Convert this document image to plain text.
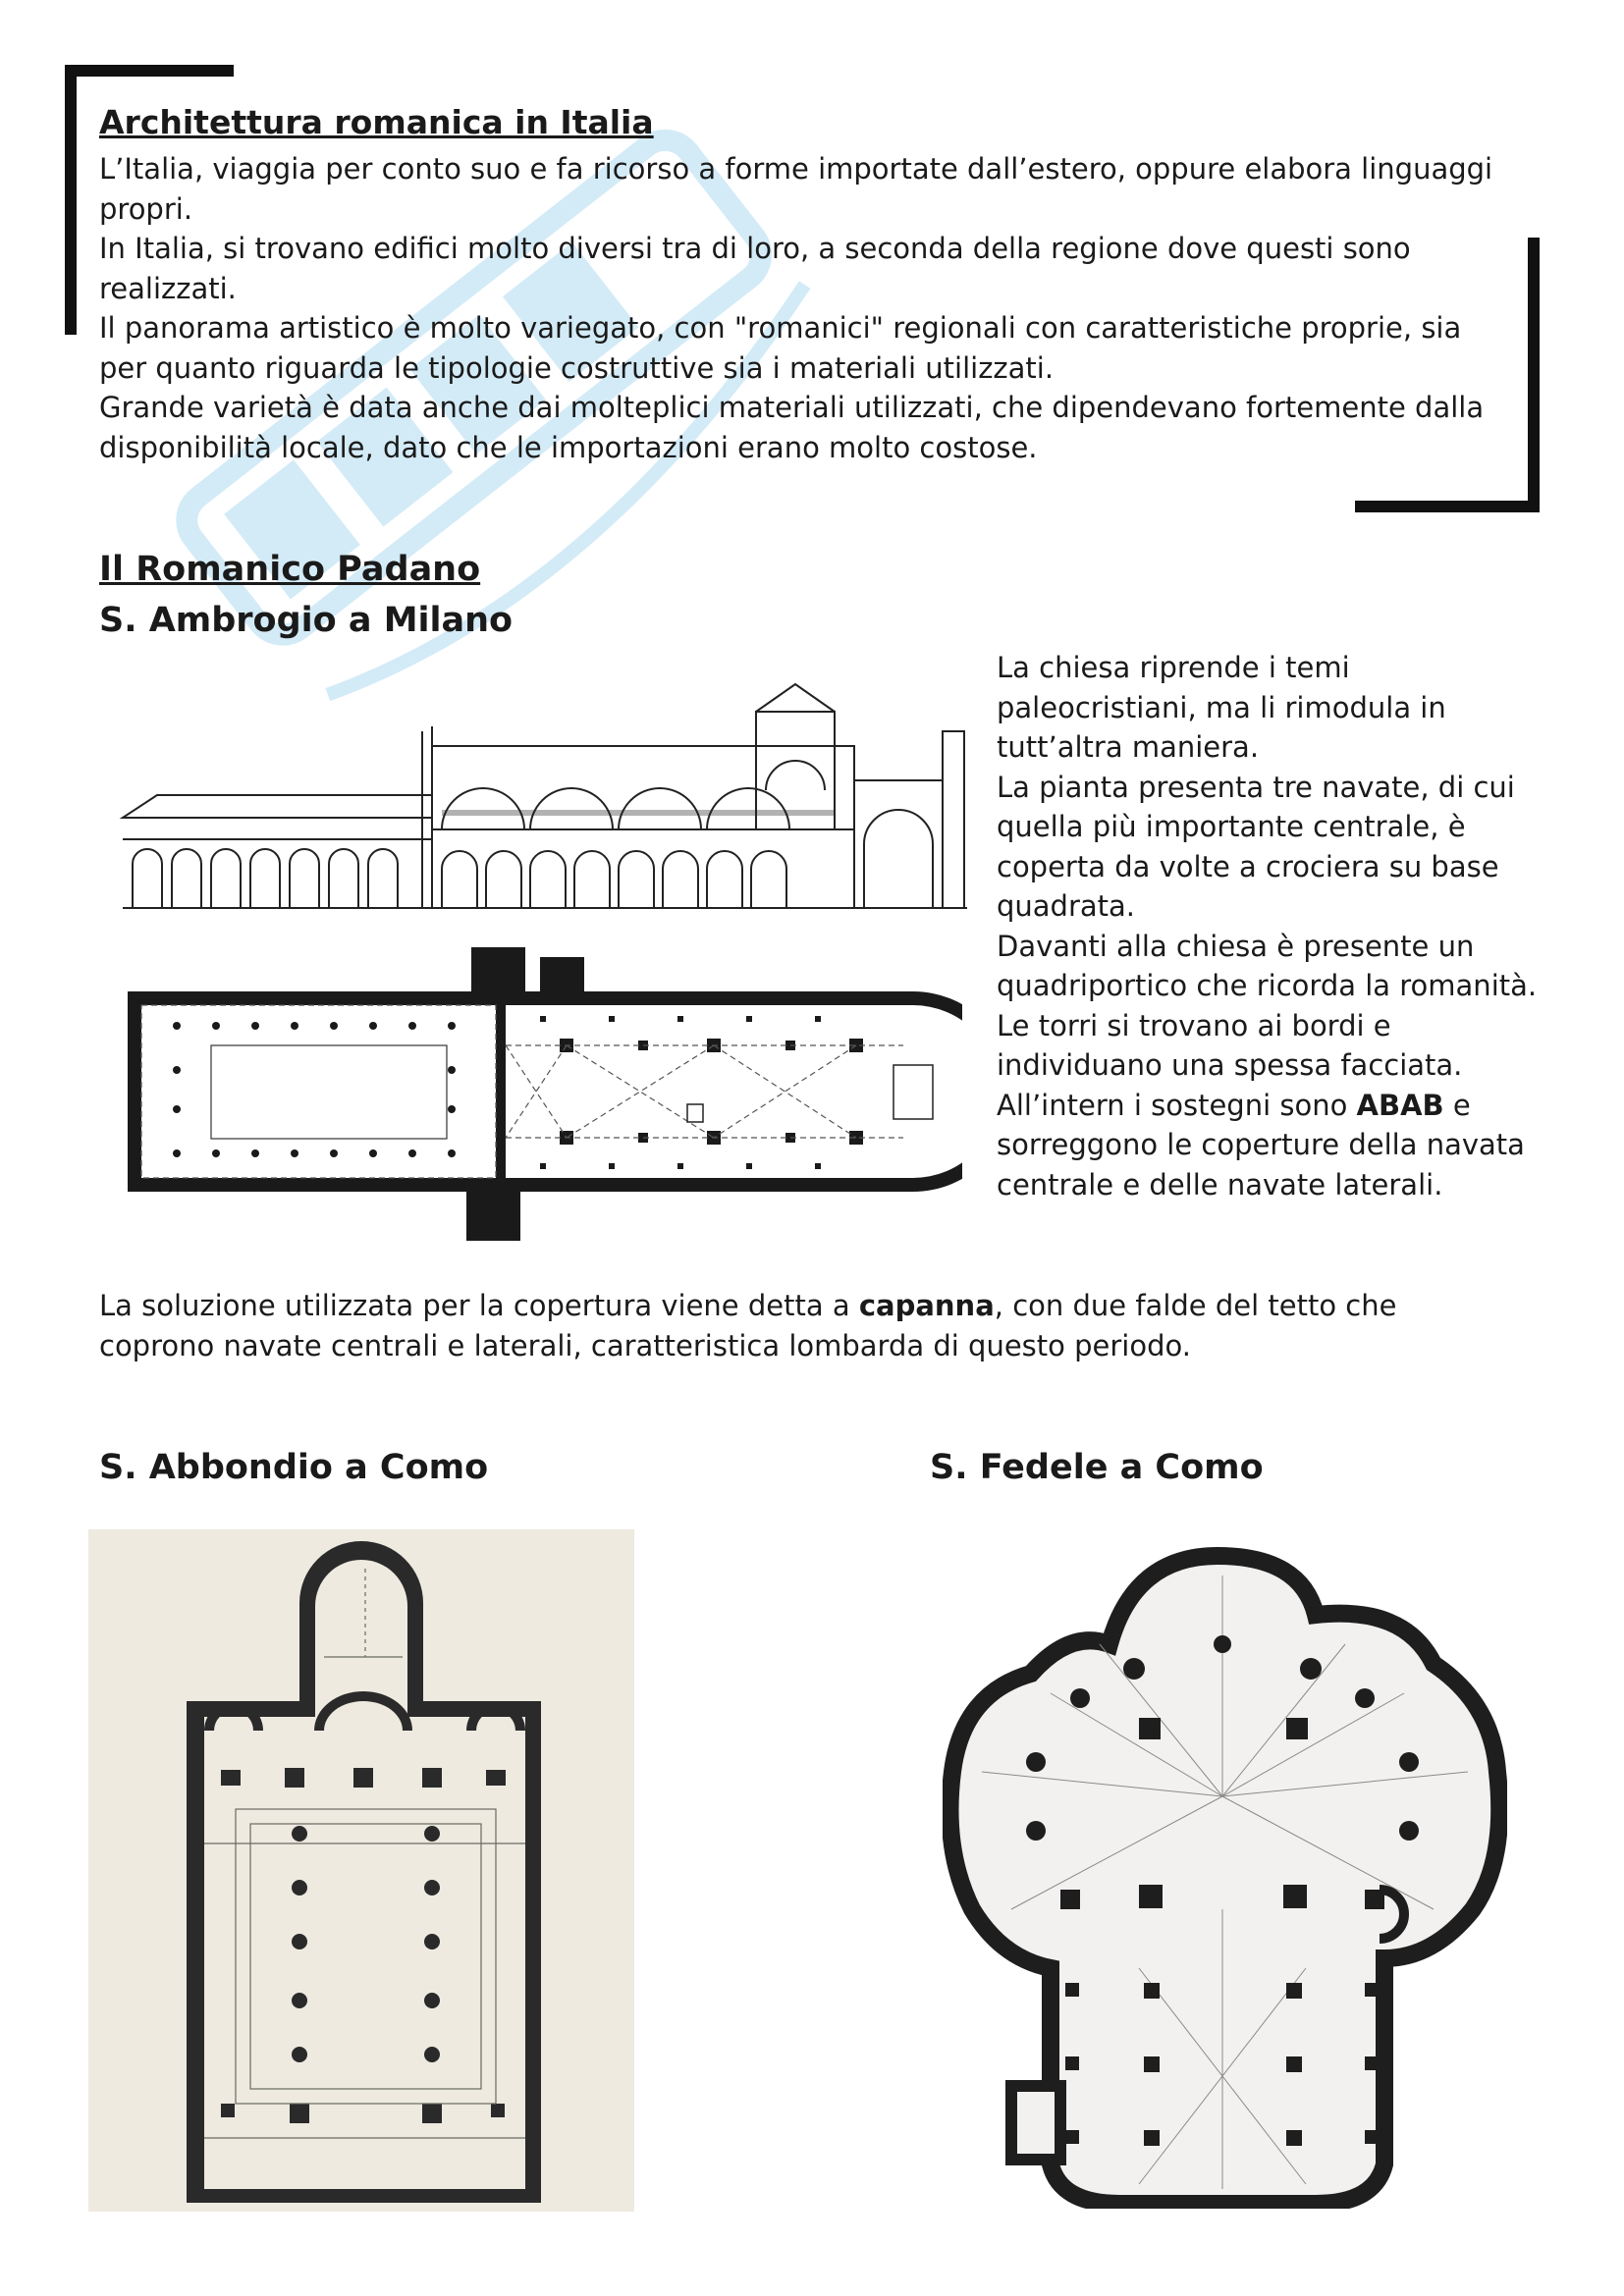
Architettura romanica in Italia

L’Italia, viaggia per conto suo e fa ricorso a forme importate dall’estero, oppure elabora linguaggi propri.

In Italia, si trovano edifici molto diversi tra di loro, a seconda della regione dove questi sono realizzati.

Il panorama artistico è molto variegato, con "romanici" regionali con caratteristiche proprie, sia per quanto riguarda le tipologie costruttive sia i materiali utilizzati.

Grande varietà è data anche dai molteplici materiali utilizzati, che dipendevano fortemente dalla disponibilità locale, dato che le importazioni erano molto costose.

Il Romanico Padano
S. Ambrogio a Milano

La chiesa riprende i temi paleocristiani, ma li rimodula in tutt’altra maniera.

La pianta presenta tre navate, di cui quella più importante centrale, è coperta da volte a crociera su base quadrata.

Davanti alla chiesa è presente un quadriportico che ricorda la romanità.

Le torri si trovano ai bordi e individuano una spessa facciata.

All’intern i sostegni sono ABAB e sorreggono le coperture della navata centrale e delle navate laterali.

La soluzione utilizzata per la copertura viene detta a capanna, con due falde del tetto che coprono navate centrali e laterali, caratteristica lombarda di questo periodo.

S. Abbondio a Como	S. Fedele a Como
